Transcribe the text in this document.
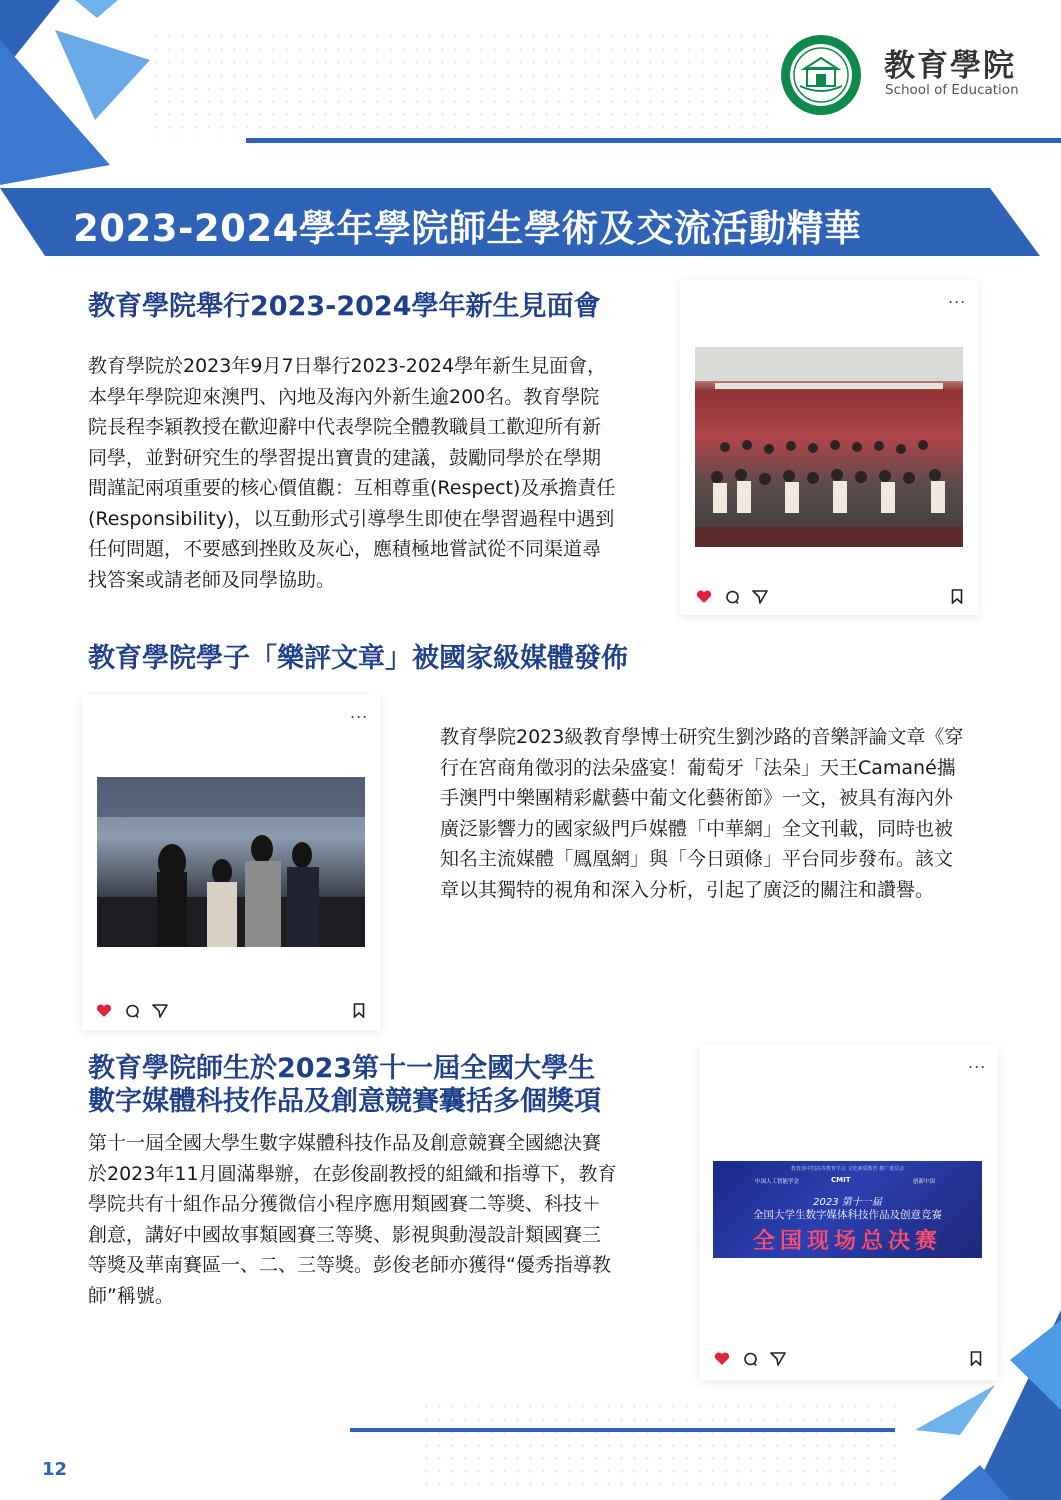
教育學院
School of Education
2023-2024學年學院師生學術及交流活動精華
教育學院舉行2023-2024學年新生見面會
教育學院於2023年9月7日舉行2023-2024學年新生見面會，本學年學院迎來澳門、內地及海內外新生逾200名。教育學院院長程李穎教授在歡迎辭中代表學院全體教職員工歡迎所有新同學，並對研究生的學習提出寶貴的建議，鼓勵同學於在學期間謹記兩項重要的核心價值觀：互相尊重(Respect)及承擔責任(Responsibility)，以互動形式引導學生即使在學習過程中遇到任何問題，不要感到挫敗及灰心，應積極地嘗試從不同渠道尋找答案或請老師及同學協助。
...
教育學院學子「樂評文章」被國家級媒體發佈
...
教育學院2023級教育學博士研究生劉沙路的音樂評論文章《穿行在宮商角徵羽的法朵盛宴！葡萄牙「法朵」天王Camané攜手澳門中樂團精彩獻藝中葡文化藝術節》一文，被具有海內外廣泛影響力的國家級門戶媒體「中華網」全文刊載，同時也被知名主流媒體「鳳凰網」與「今日頭條」平台同步發布。該文章以其獨特的視角和深入分析，引起了廣泛的關注和讚譽。
教育學院師生於2023第十一屆全國大學生
數字媒體科技作品及創意競賽囊括多個獎項
第十一屆全國大學生數字媒體科技作品及創意競賽全國總決賽於2023年11月圓滿舉辦，在彭俊副教授的組織和指導下，教育學院共有十組作品分獲微信小程序應用類國賽二等獎、科技＋創意，講好中國故事類國賽三等獎、影視與動漫設計類國賽三等獎及華南賽區一、二、三等獎。彭俊老師亦獲得“優秀指導教師”稱號。
...
教育部中国高等教育学会 文化素质教育 推广委员会
中国人工智能学会	CMIT	创新中国
2023 第十一届
全国大学生数字媒体科技作品及创意竞赛
全国现场总决赛
12
